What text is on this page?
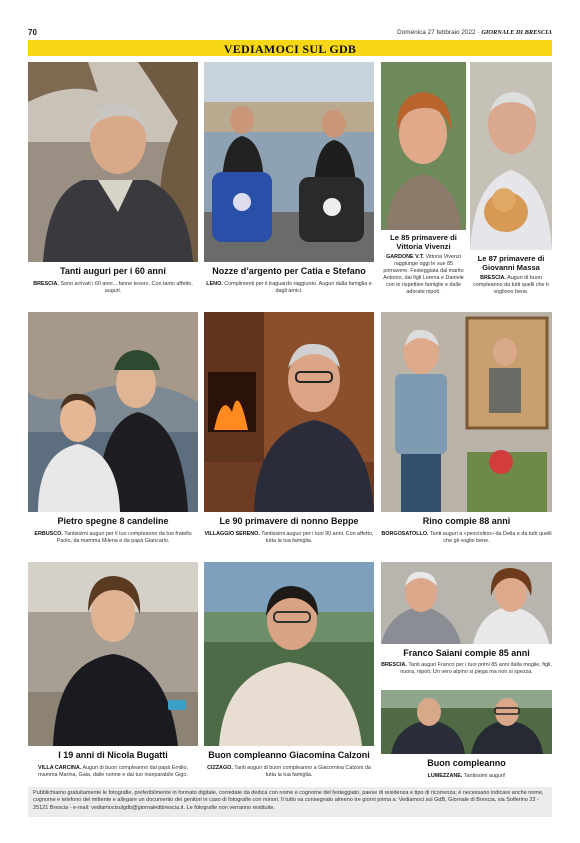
70	Domenica 27 febbraio 2022 · GIORNALE DI BRESCIA
VEDIAMOCI SUL GDB
Tanti auguri per i 60 anni
BRESCIA. Sono arrivati i 60 anni... fanne tesoro. Con tanto affetto, auguri.
Nozze d’argento per Catia e Stefano
LENO. Complimenti per il traguardo raggiunto. Auguri dalla famiglia e dagli amici.
Le 85 primavere di Vittoria Vivenzi
GARDONE V.T. Vittoria Vivenzi raggiunge oggi le sue 85 primavere. Festeggiata dal marito Antonio, dai figli Lorena e Daniele con le rispettive famiglie e dalle adorate nipoti.
Le 87 primavere di Giovanni Massa
BRESCIA. Auguri di buon compleanno da tutti quelli che ti vogliono bene.
Pietro spegne 8 candeline
ERBUSCO. Tantissimi auguri per il tuo compleanno da tuo fratello Paolo, da mamma Milena e da papà Giancarlo.
Le 90 primavere di nonno Beppe
VILLAGGIO SERENO. Tantissimi auguri per i tuoi 90 anni. Con affetto, tutta la tua famiglia.
Rino compie 88 anni
BORGOSATOLLO. Tanti auguri a «pescìolino» da Delia e da tutti quelli che gli voglio bene.
I 19 anni di Nicola Bugatti
VILLA CARCINA. Auguri di buon compleanno dal papà Emilio, mamma Marina, Gaia, dalle nonne e dal tuo inseparabile Gigo.
Buon compleanno Giacomina Calzoni
CIZZAGO. Tanti auguri di buon compleanno a Giacomina Calzoni da tutta la tua famiglia.
Franco Saiani compie 85 anni
BRESCIA. Tanti auguri Franco per i tuoi primi 85 anni dalla moglie, figli, nuora, nipoti. Un vero alpino si piega ma non si spezza.
Buon compleanno
LUMEZZANE. Tantissimi auguri!
Pubblichiamo gratuitamente le fotografie, preferibilmente in formato digitale, corredate da dedica con nome e cognome del festeggiato, paese di residenza e tipo di ricorrenza; è necessario indicare anche nome, cognome e telefono del mittente e allegare un documento dei genitori in caso di fotografie con minori. Il tutto va consegnato almeno tre giorni prima a: Vediamoci sul GdB, Giornale di Brescia, via Solferino 22 - 25121 Brescia - e-mail: vediamocisulgdb@giornaledibrescia.it. Le fotografie non verranno restituite.
